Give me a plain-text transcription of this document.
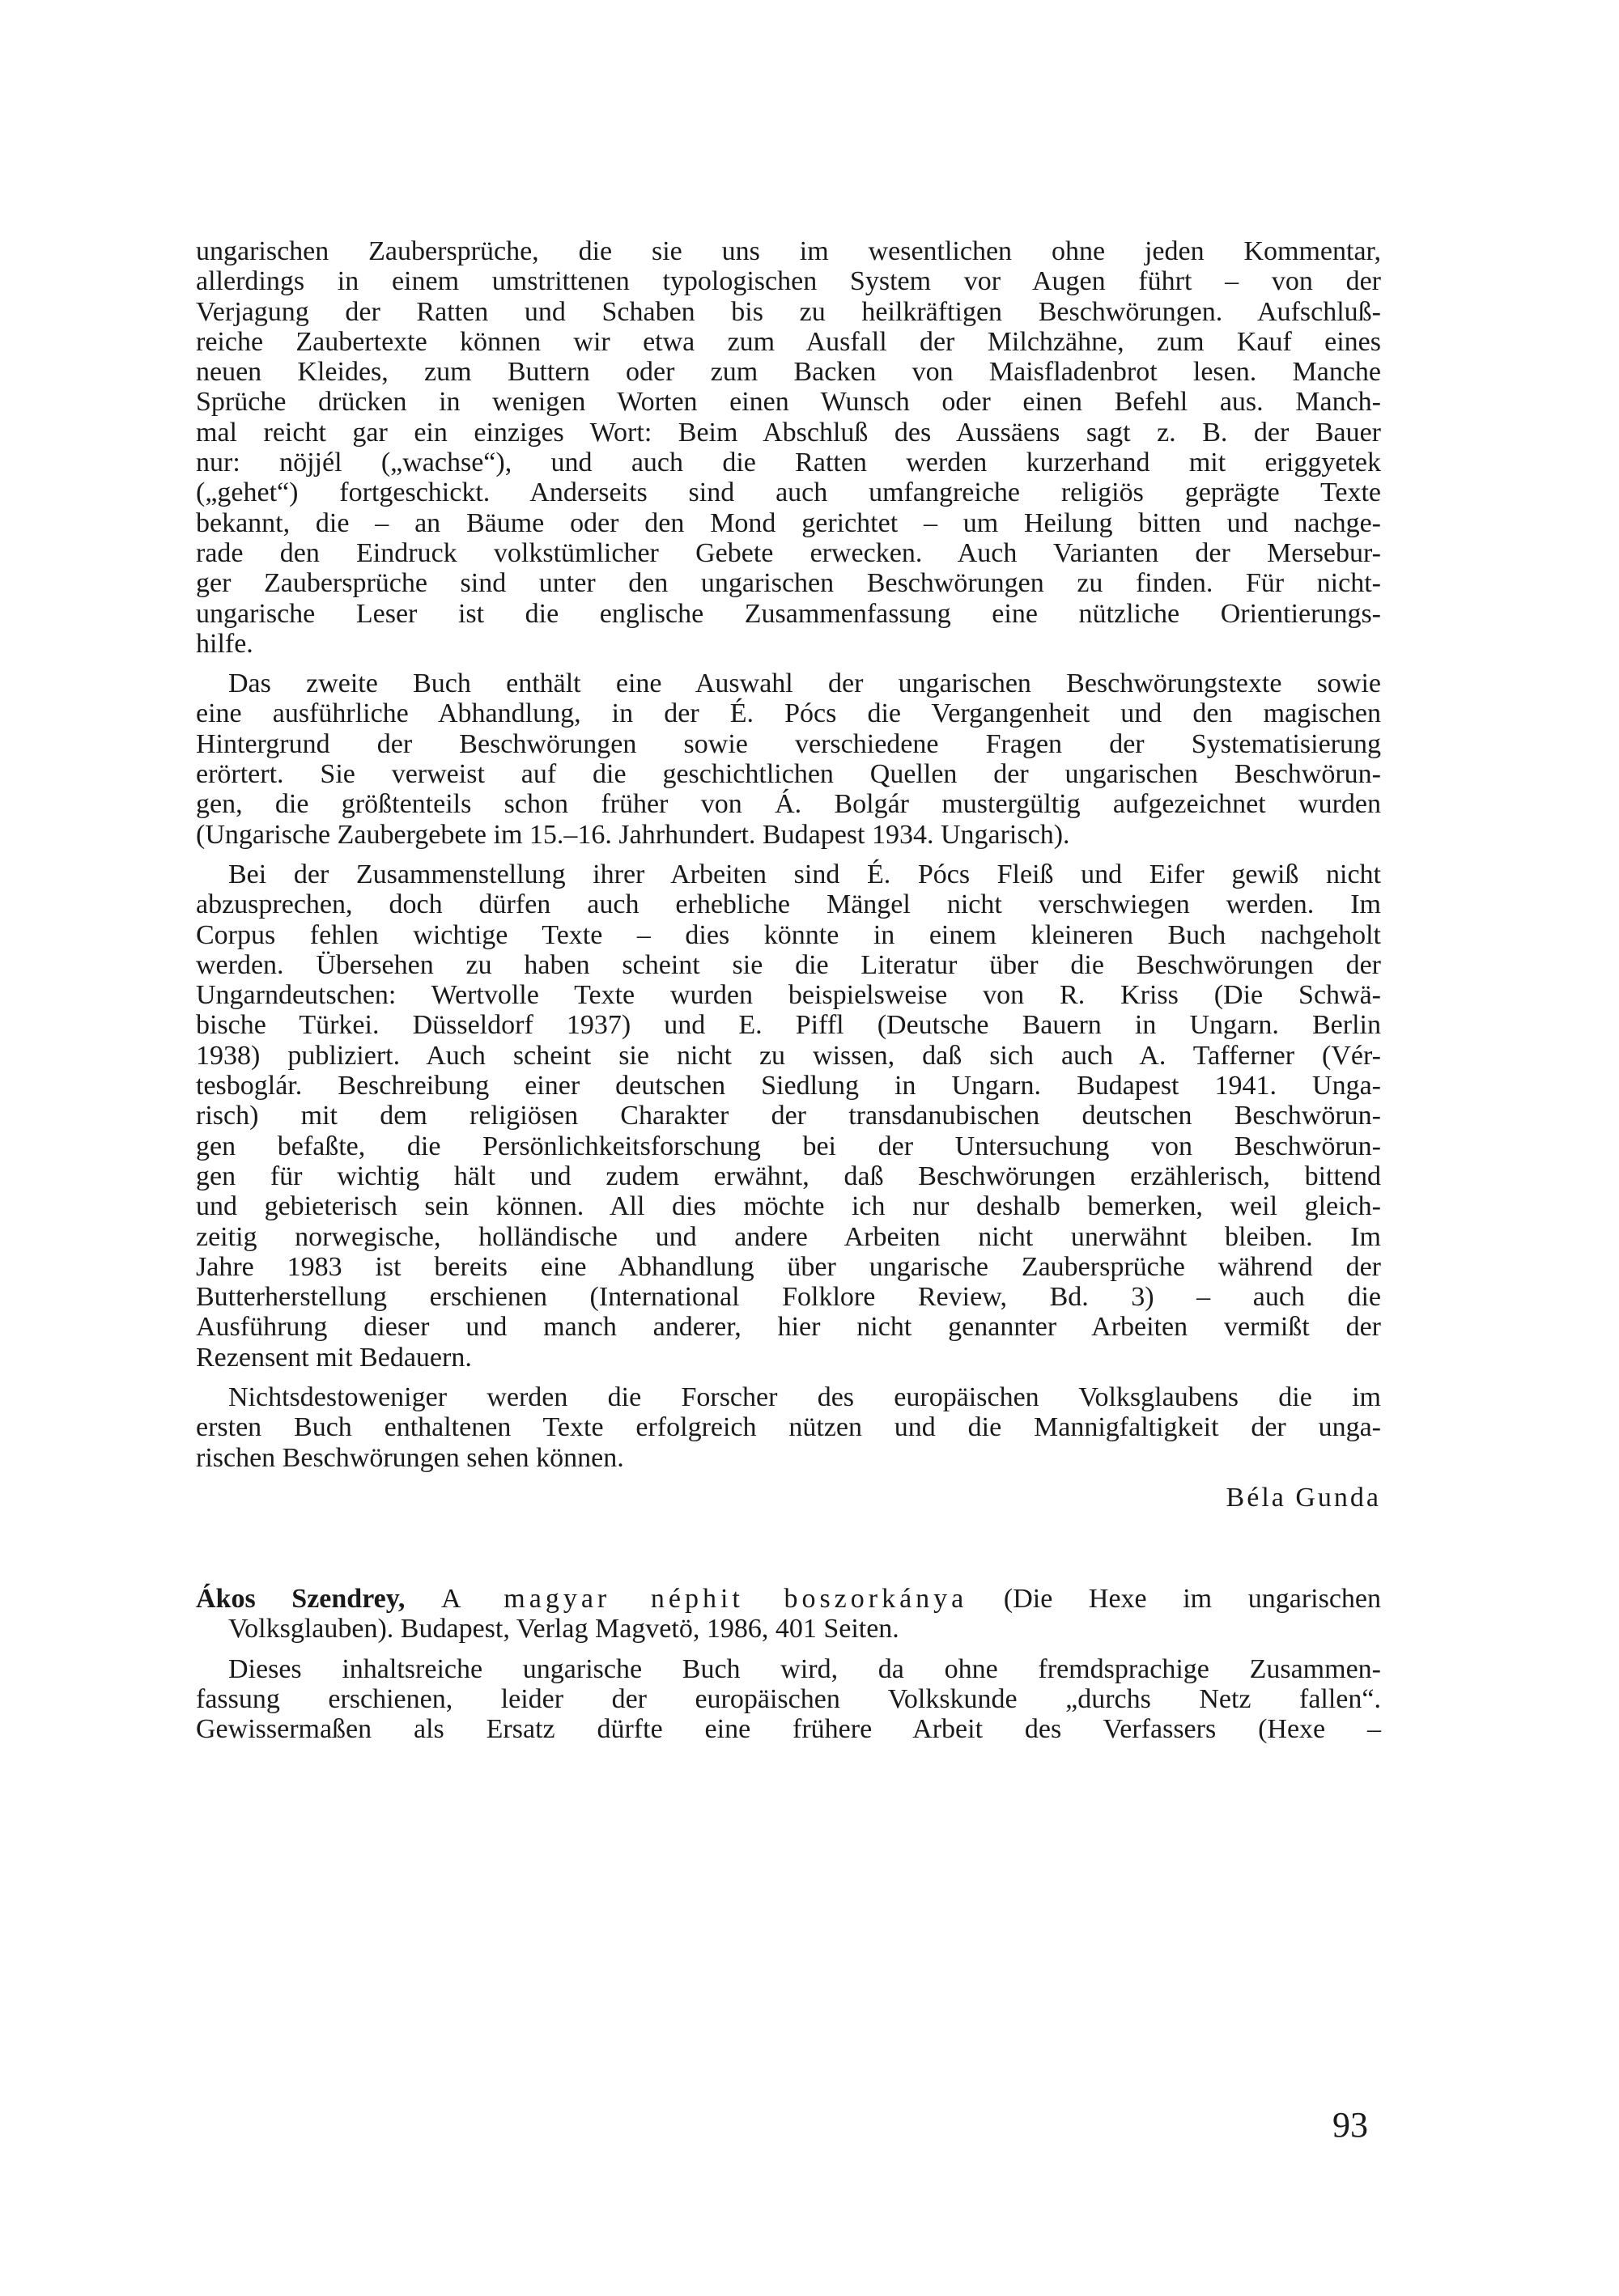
ungarischen Zaubersprüche, die sie uns im wesentlichen ohne jeden Kommentar,
allerdings in einem umstrittenen typologischen System vor Augen führt – von der
Verjagung der Ratten und Schaben bis zu heilkräftigen Beschwörungen. Aufschluß-
reiche Zaubertexte können wir etwa zum Ausfall der Milchzähne, zum Kauf eines
neuen Kleides, zum Buttern oder zum Backen von Maisfladenbrot lesen. Manche
Sprüche drücken in wenigen Worten einen Wunsch oder einen Befehl aus. Manch-
mal reicht gar ein einziges Wort: Beim Abschluß des Aussäens sagt z. B. der Bauer
nur: nöjjél („wachse“), und auch die Ratten werden kurzerhand mit eriggyetek
(„gehet“) fortgeschickt. Anderseits sind auch umfangreiche religiös geprägte Texte
bekannt, die – an Bäume oder den Mond gerichtet – um Heilung bitten und nachge-
rade den Eindruck volkstümlicher Gebete erwecken. Auch Varianten der Mersebur-
ger Zaubersprüche sind unter den ungarischen Beschwörungen zu finden. Für nicht-
ungarische Leser ist die englische Zusammenfassung eine nützliche Orientierungs-
hilfe.
Das zweite Buch enthält eine Auswahl der ungarischen Beschwörungstexte sowie
eine ausführliche Abhandlung, in der É. Pócs die Vergangenheit und den magischen
Hintergrund der Beschwörungen sowie verschiedene Fragen der Systematisierung
erörtert. Sie verweist auf die geschichtlichen Quellen der ungarischen Beschwörun-
gen, die größtenteils schon früher von Á. Bolgár mustergültig aufgezeichnet wurden
(Ungarische Zaubergebete im 15.–16. Jahrhundert. Budapest 1934. Ungarisch).
Bei der Zusammenstellung ihrer Arbeiten sind É. Pócs Fleiß und Eifer gewiß nicht
abzusprechen, doch dürfen auch erhebliche Mängel nicht verschwiegen werden. Im
Corpus fehlen wichtige Texte – dies könnte in einem kleineren Buch nachgeholt
werden. Übersehen zu haben scheint sie die Literatur über die Beschwörungen der
Ungarndeutschen: Wertvolle Texte wurden beispielsweise von R. Kriss (Die Schwä-
bische Türkei. Düsseldorf 1937) und E. Piffl (Deutsche Bauern in Ungarn. Berlin
1938) publiziert. Auch scheint sie nicht zu wissen, daß sich auch A. Tafferner (Vér-
tesboglár. Beschreibung einer deutschen Siedlung in Ungarn. Budapest 1941. Unga-
risch) mit dem religiösen Charakter der transdanubischen deutschen Beschwörun-
gen befaßte, die Persönlichkeitsforschung bei der Untersuchung von Beschwörun-
gen für wichtig hält und zudem erwähnt, daß Beschwörungen erzählerisch, bittend
und gebieterisch sein können. All dies möchte ich nur deshalb bemerken, weil gleich-
zeitig norwegische, holländische und andere Arbeiten nicht unerwähnt bleiben. Im
Jahre 1983 ist bereits eine Abhandlung über ungarische Zaubersprüche während der
Butterherstellung erschienen (International Folklore Review, Bd. 3) – auch die
Ausführung dieser und manch anderer, hier nicht genannter Arbeiten vermißt der
Rezensent mit Bedauern.
Nichtsdestoweniger werden die Forscher des europäischen Volksglaubens die im
ersten Buch enthaltenen Texte erfolgreich nützen und die Mannigfaltigkeit der unga-
rischen Beschwörungen sehen können.
Béla Gunda
Ákos Szendrey, A magyar néphit boszorkánya (Die Hexe im ungarischen
Volksglauben). Budapest, Verlag Magvetö, 1986, 401 Seiten.
Dieses inhaltsreiche ungarische Buch wird, da ohne fremdsprachige Zusammen-
fassung erschienen, leider der europäischen Volkskunde „durchs Netz fallen“.
Gewissermaßen als Ersatz dürfte eine frühere Arbeit des Verfassers (Hexe –
93
